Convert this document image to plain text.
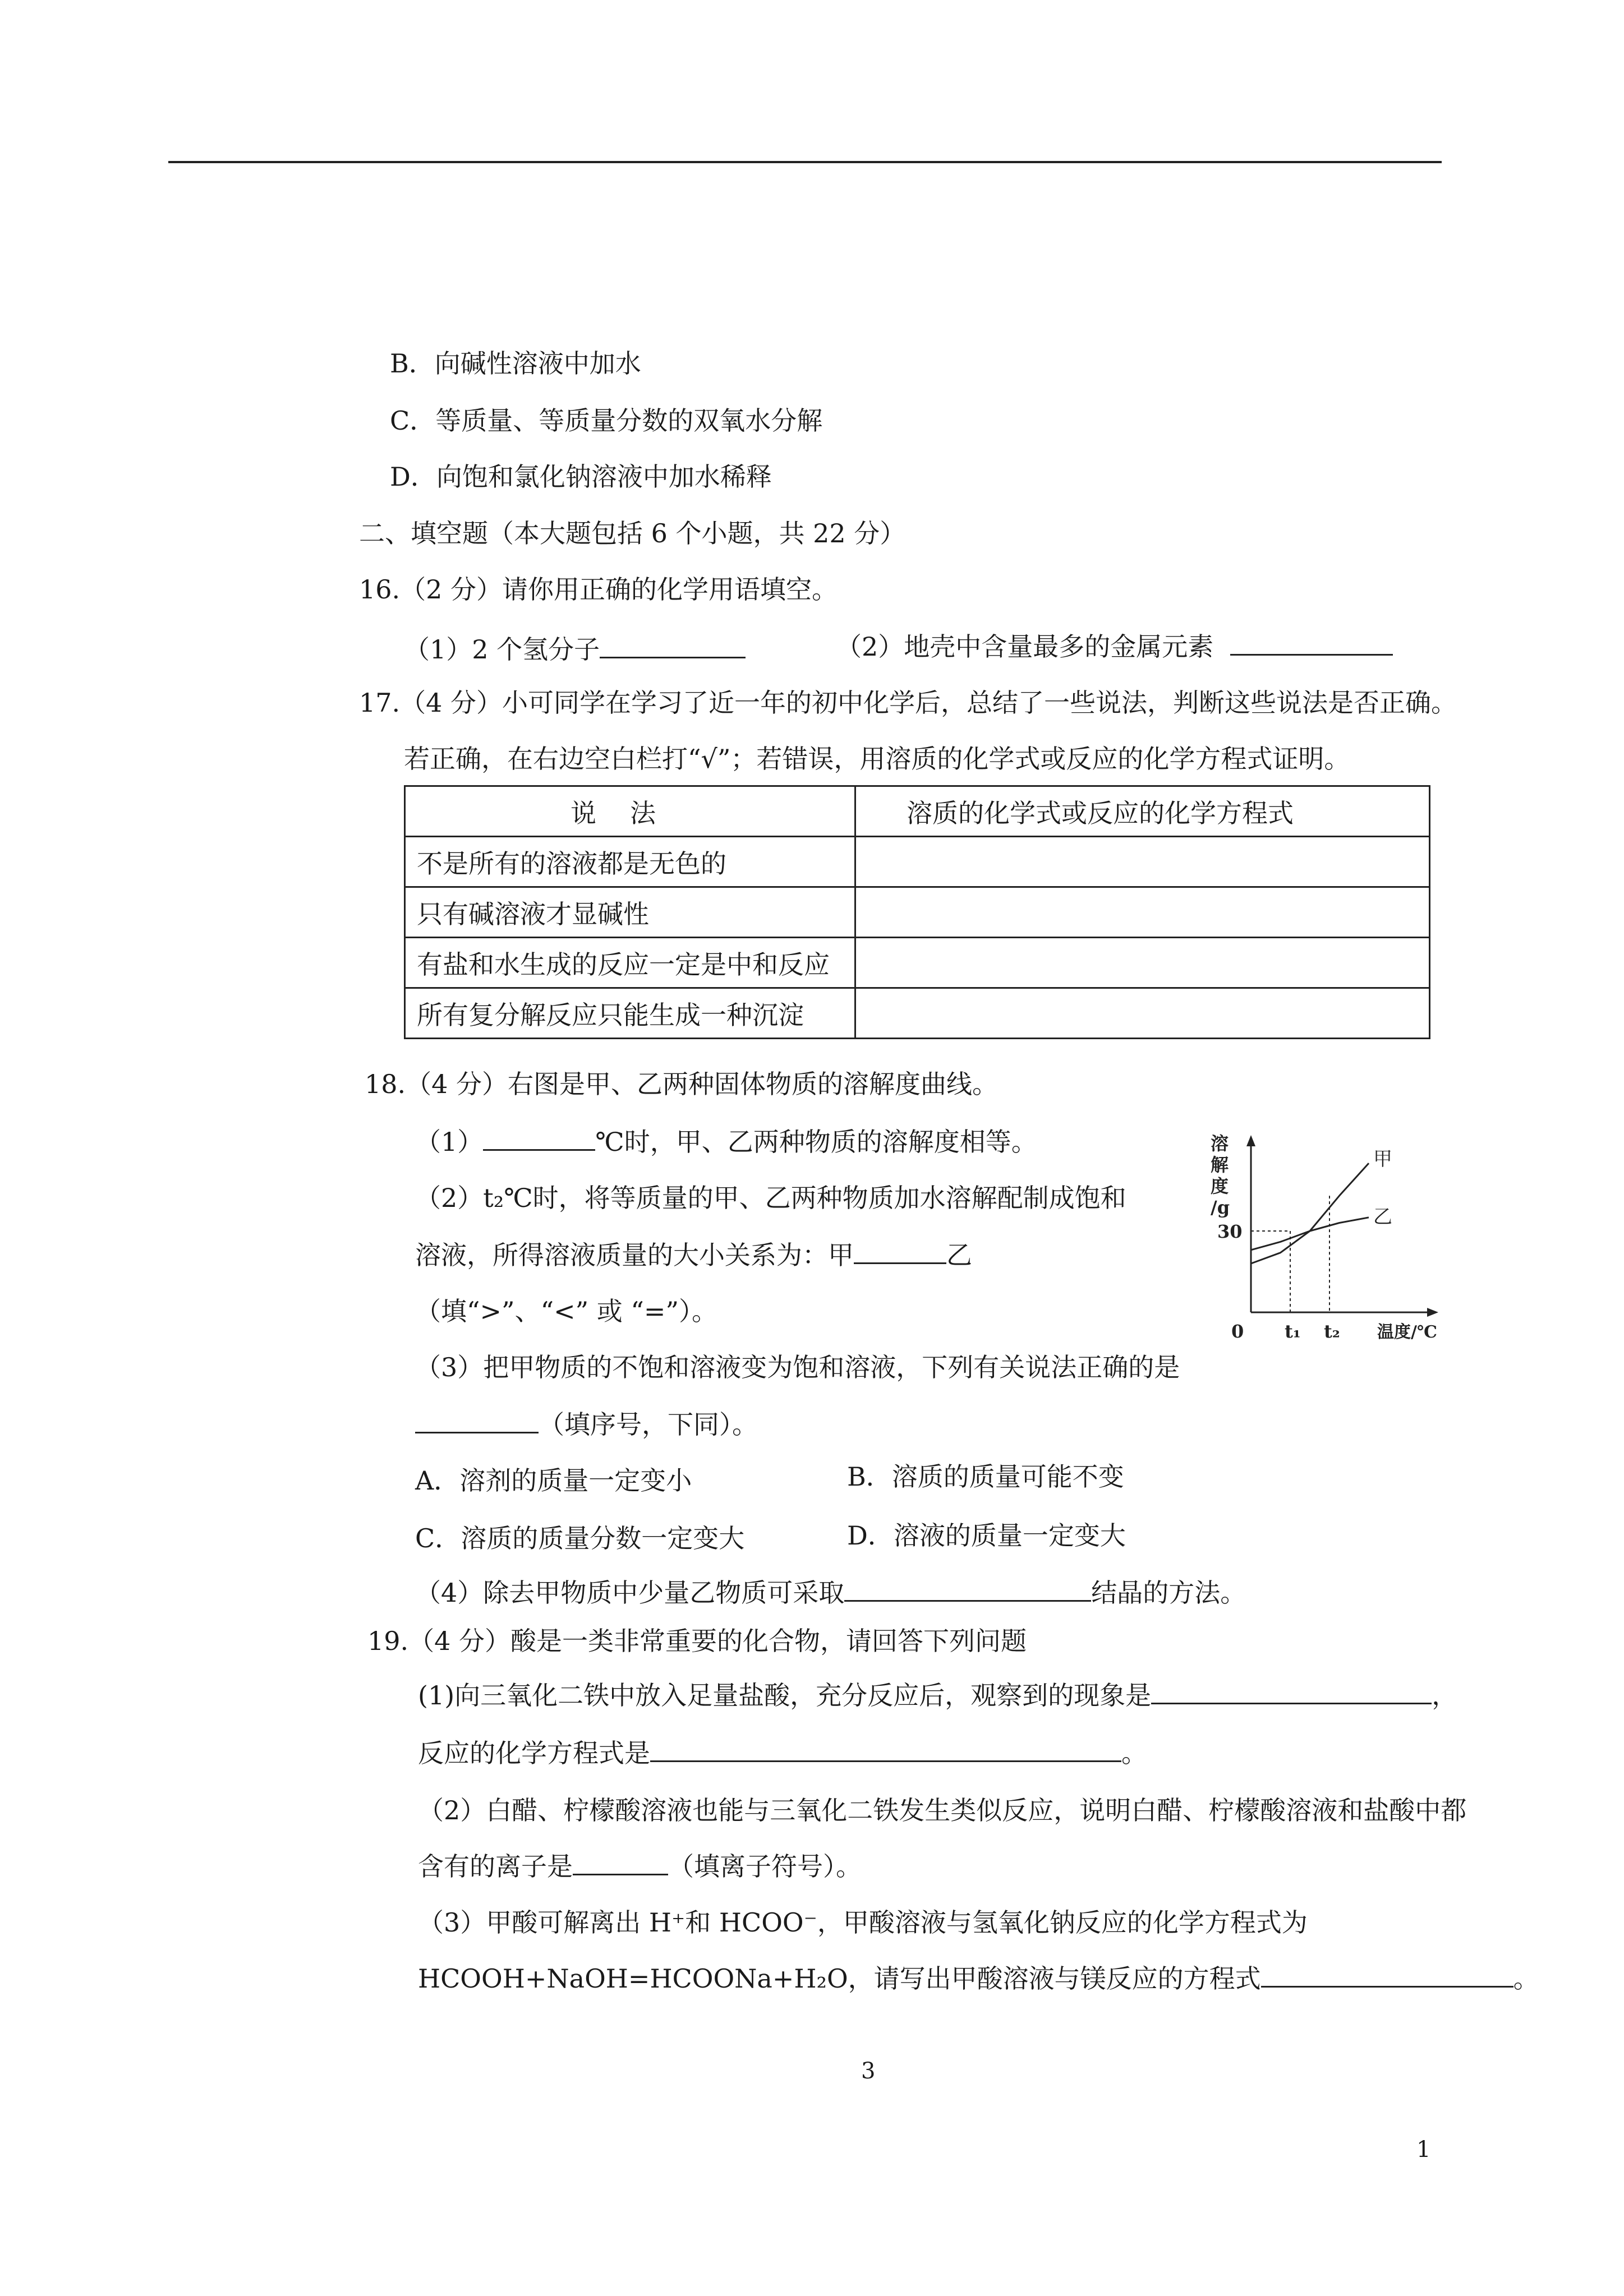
B．向碱性溶液中加水
C．等质量、等质量分数的双氧水分解
D．向饱和氯化钠溶液中加水稀释
二、填空题（本大题包括 6 个小题，共 22 分）
16.（2 分）请你用正确的化学用语填空。
（1）2 个氢分子	（2）地壳中含量最多的金属元素
17.（4 分）小可同学在学习了近一年的初中化学后，总结了一些说法，判断这些说法是否正确。
若正确，在右边空白栏打“√”；若错误，用溶质的化学式或反应的化学方程式证明。
说法	溶质的化学式或反应的化学方程式
不是所有的溶液都是无色的	
只有碱溶液才显碱性	
有盐和水生成的反应一定是中和反应	
所有复分解反应只能生成一种沉淀	
18.（4 分）右图是甲、乙两种固体物质的溶解度曲线。
（1）	℃时，甲、乙两种物质的溶解度相等。
（2）t₂℃时，将等质量的甲、乙两种物质加水溶解配制成饱和
溶液，所得溶液质量的大小关系为：甲	乙
（填“>”、“<” 或 “=”）。
（3）把甲物质的不饱和溶液变为饱和溶液，下列有关说法正确的是
（填序号，下同）。
A．溶剂的质量一定变小	B．溶质的质量可能不变
C．溶质的质量分数一定变大	D．溶液的质量一定变大
（4）除去甲物质中少量乙物质可采取	结晶的方法。
甲
乙
溶
解
度
/g
30
0 t₁ t₂ 温度/℃
19.（4 分）酸是一类非常重要的化合物，请回答下列问题
(1)向三氧化二铁中放入足量盐酸，充分反应后，观察到的现象是	，
反应的化学方程式是	。
（2）白醋、柠檬酸溶液也能与三氧化二铁发生类似反应，说明白醋、柠檬酸溶液和盐酸中都
含有的离子是	（填离子符号）。
（3）甲酸可解离出 H⁺和 HCOO⁻，甲酸溶液与氢氧化钠反应的化学方程式为
HCOOH+NaOH=HCOONa+H₂O，请写出甲酸溶液与镁反应的方程式	。
3
1
